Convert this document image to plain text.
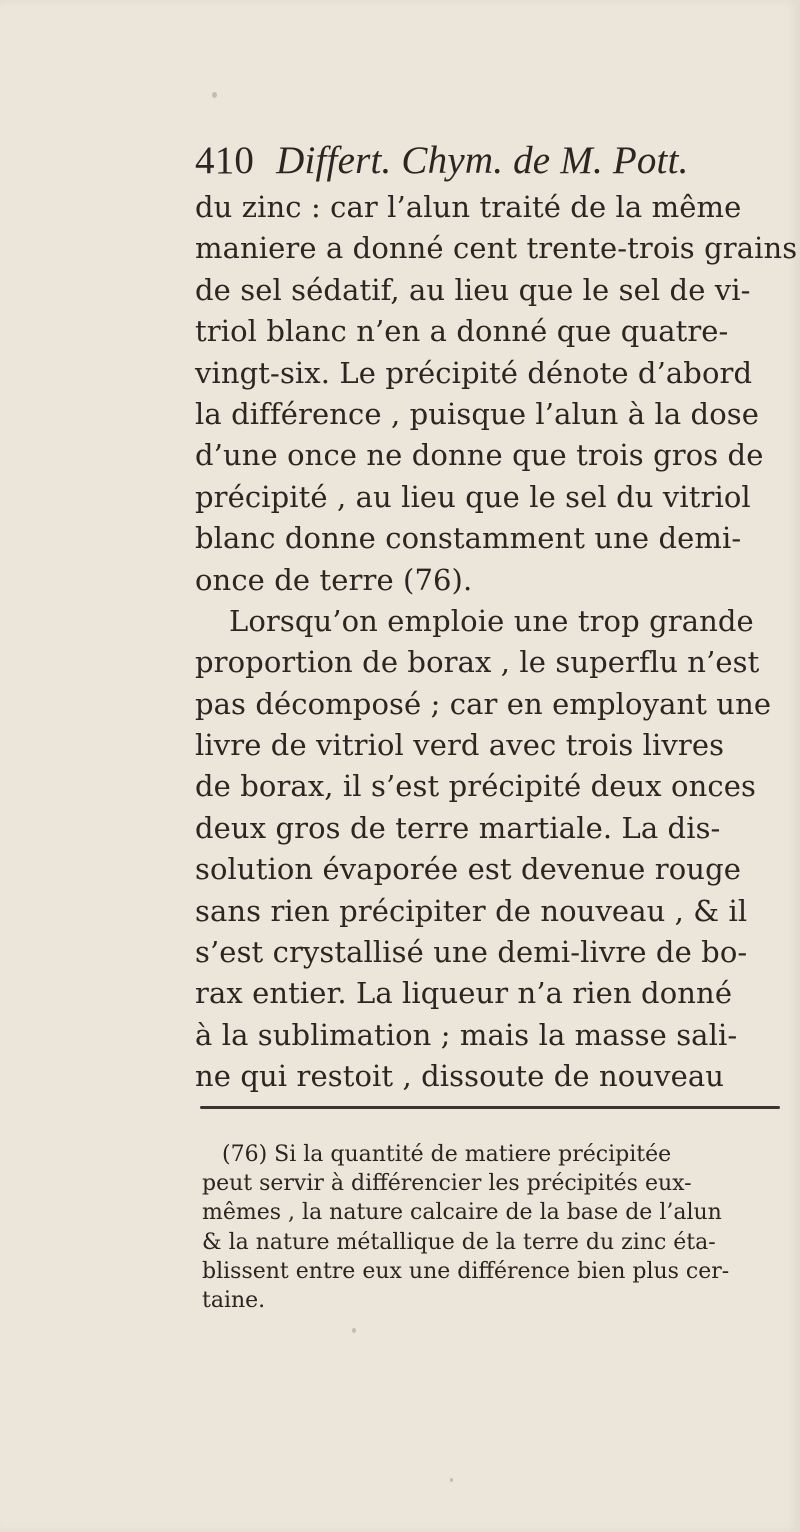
410 Differt. Chym. de M. Pott.
du zinc : car l’alun traité de la même
maniere a donné cent trente-trois grains
de sel sédatif, au lieu que le sel de vi-
triol blanc n’en a donné que quatre-
vingt-six. Le précipité dénote d’abord
la différence , puisque l’alun à la dose
d’une once ne donne que trois gros de
précipité , au lieu que le sel du vitriol
blanc donne constamment une demi-
once de terre (76).
Lorsqu’on emploie une trop grande
proportion de borax , le superflu n’est
pas décomposé ; car en employant une
livre de vitriol verd avec trois livres
de borax, il s’est précipité deux onces
deux gros de terre martiale. La dis-
solution évaporée est devenue rouge
sans rien précipiter de nouveau , & il
s’est crystallisé une demi-livre de bo-
rax entier. La liqueur n’a rien donné
à la sublimation ; mais la masse sali-
ne qui restoit , dissoute de nouveau
(76) Si la quantité de matiere précipitée
peut servir à différencier les précipités eux-
mêmes , la nature calcaire de la base de l’alun
& la nature métallique de la terre du zinc éta-
blissent entre eux une différence bien plus cer-
taine.
